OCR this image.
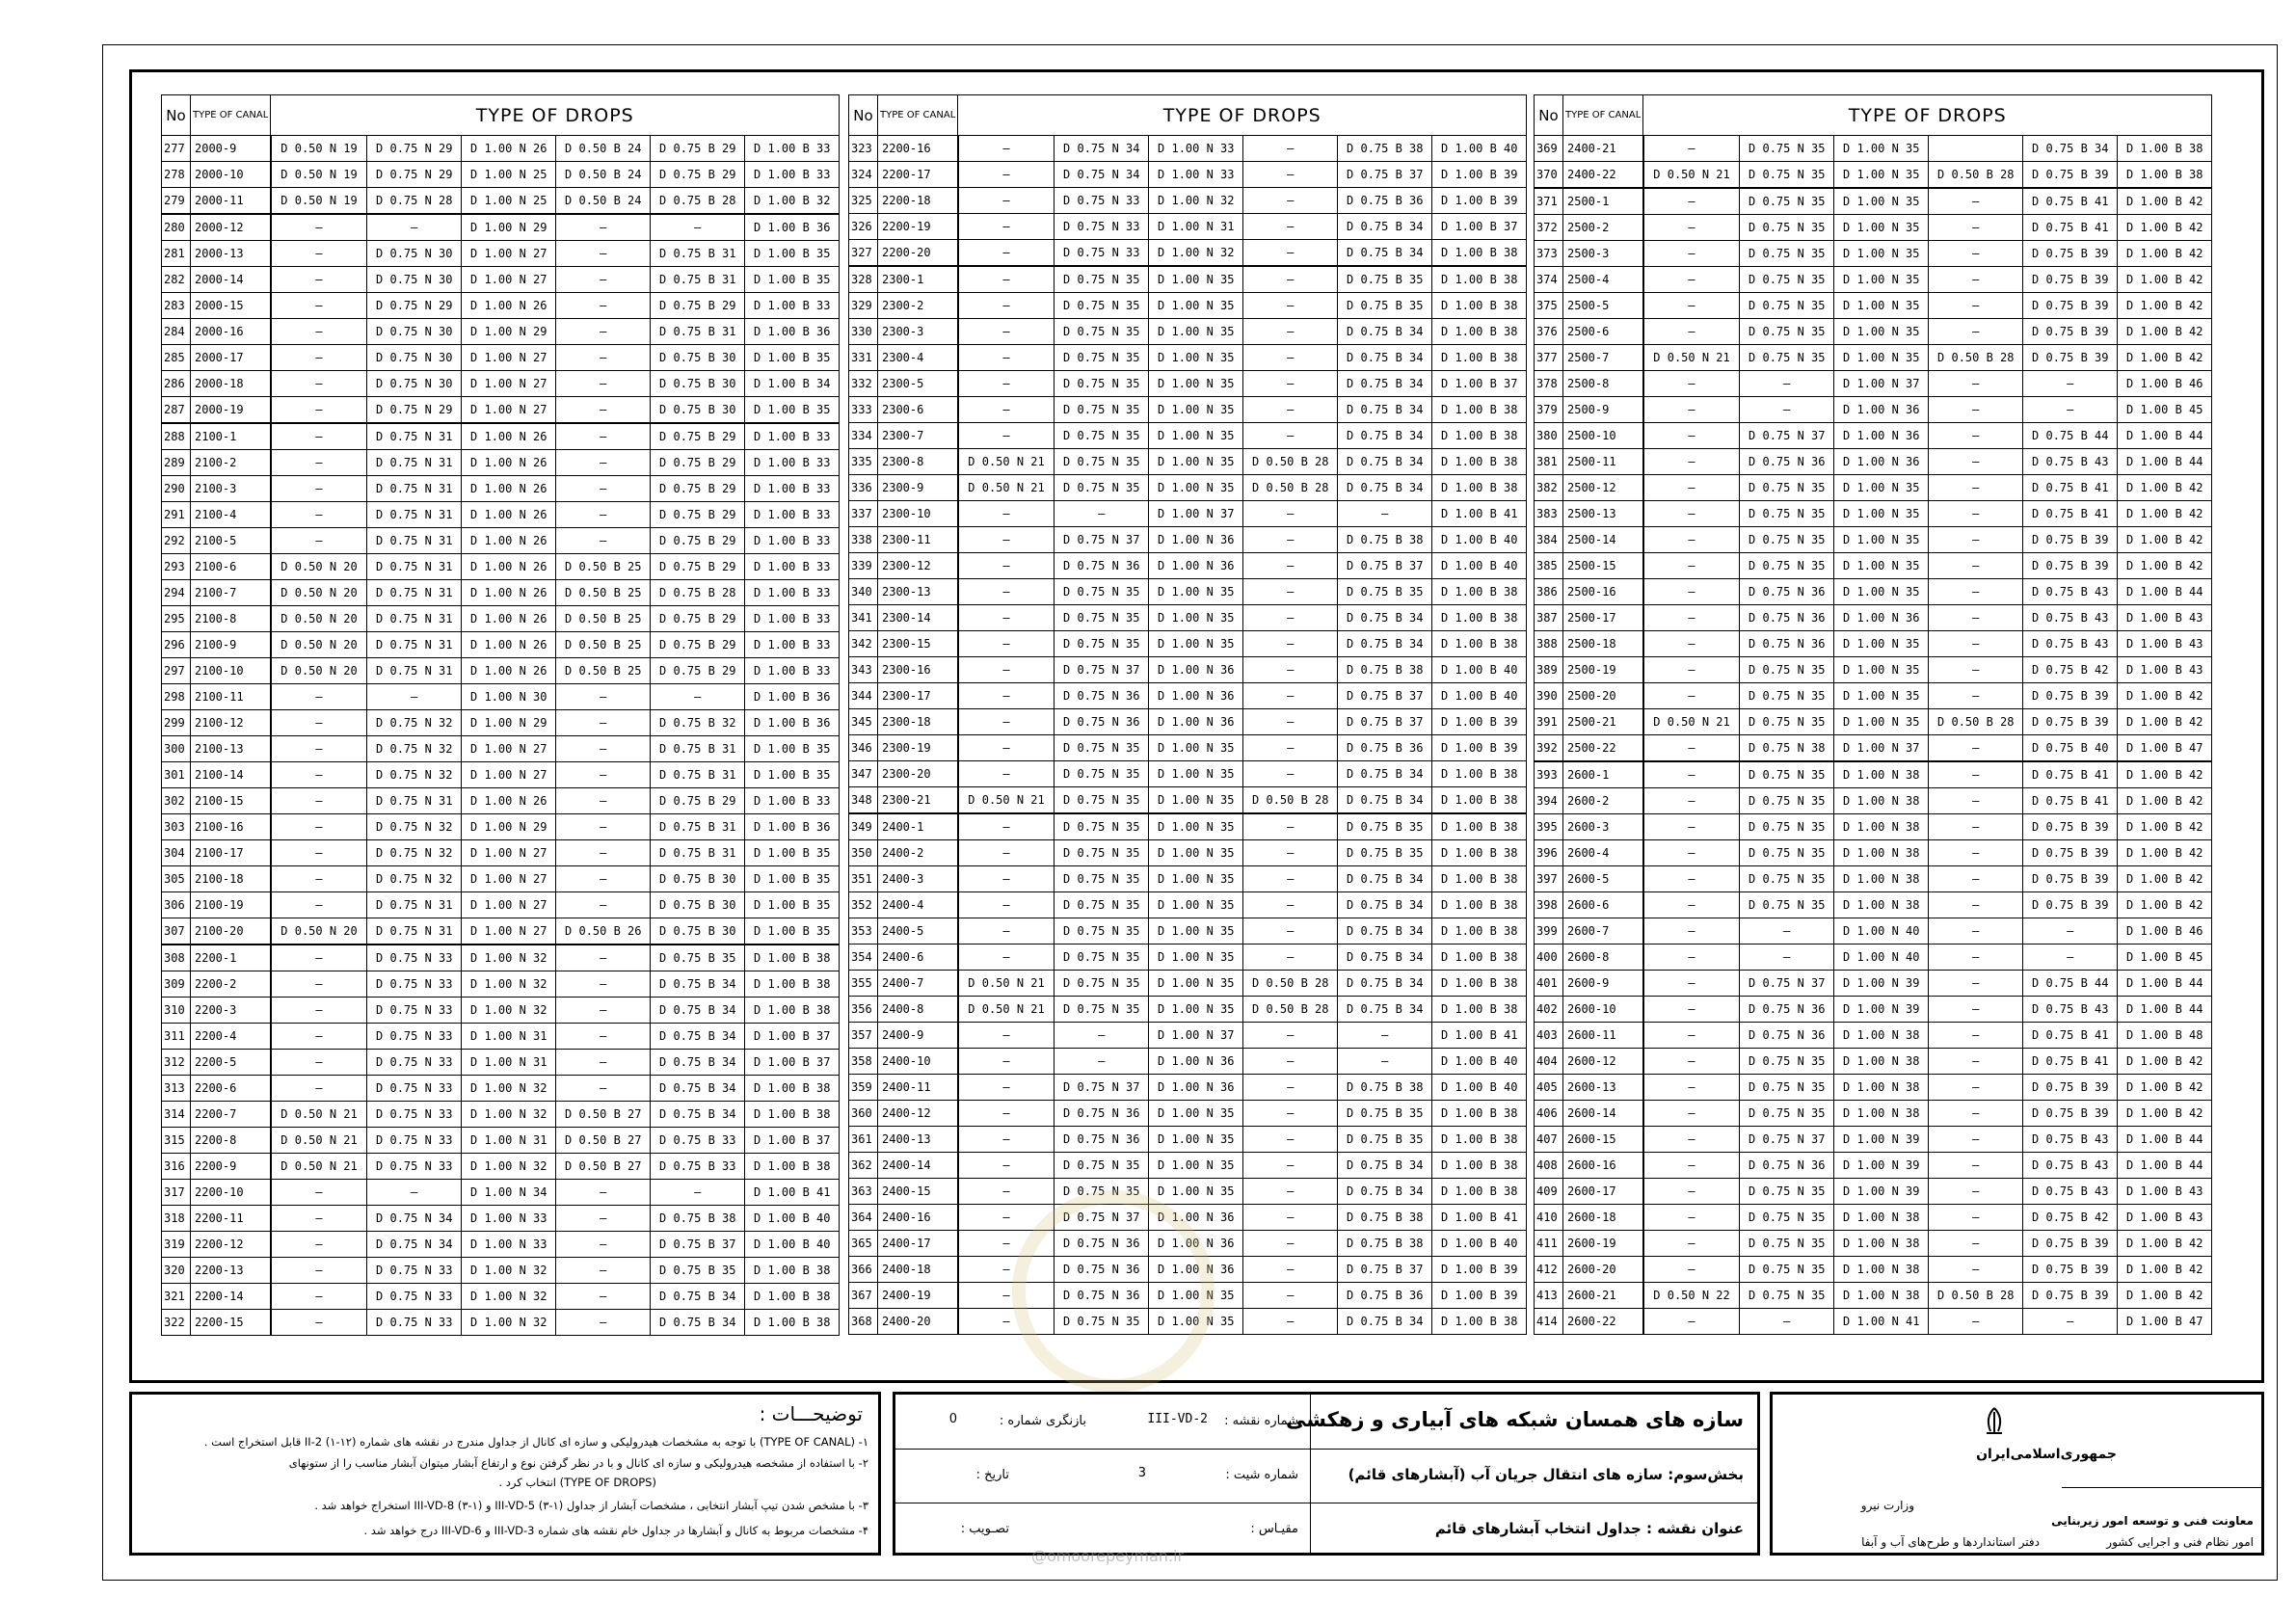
No	TYPE OF CANAL	TYPE OF DROPS					
277	2000-9	D 0.50 N 19	D 0.75 N 29	D 1.00 N 26	D 0.50 B 24	D 0.75 B 29	D 1.00 B 33
278	2000-10	D 0.50 N 19	D 0.75 N 29	D 1.00 N 25	D 0.50 B 24	D 0.75 B 29	D 1.00 B 33
279	2000-11	D 0.50 N 19	D 0.75 N 28	D 1.00 N 25	D 0.50 B 24	D 0.75 B 28	D 1.00 B 32
280	2000-12	–	–	D 1.00 N 29	–	–	D 1.00 B 36
281	2000-13	–	D 0.75 N 30	D 1.00 N 27	–	D 0.75 B 31	D 1.00 B 35
282	2000-14	–	D 0.75 N 30	D 1.00 N 27	–	D 0.75 B 31	D 1.00 B 35
283	2000-15	–	D 0.75 N 29	D 1.00 N 26	–	D 0.75 B 29	D 1.00 B 33
284	2000-16	–	D 0.75 N 30	D 1.00 N 29	–	D 0.75 B 31	D 1.00 B 36
285	2000-17	–	D 0.75 N 30	D 1.00 N 27	–	D 0.75 B 30	D 1.00 B 35
286	2000-18	–	D 0.75 N 30	D 1.00 N 27	–	D 0.75 B 30	D 1.00 B 34
287	2000-19	–	D 0.75 N 29	D 1.00 N 27	–	D 0.75 B 30	D 1.00 B 35
288	2100-1	–	D 0.75 N 31	D 1.00 N 26	–	D 0.75 B 29	D 1.00 B 33
289	2100-2	–	D 0.75 N 31	D 1.00 N 26	–	D 0.75 B 29	D 1.00 B 33
290	2100-3	–	D 0.75 N 31	D 1.00 N 26	–	D 0.75 B 29	D 1.00 B 33
291	2100-4	–	D 0.75 N 31	D 1.00 N 26	–	D 0.75 B 29	D 1.00 B 33
292	2100-5	–	D 0.75 N 31	D 1.00 N 26	–	D 0.75 B 29	D 1.00 B 33
293	2100-6	D 0.50 N 20	D 0.75 N 31	D 1.00 N 26	D 0.50 B 25	D 0.75 B 29	D 1.00 B 33
294	2100-7	D 0.50 N 20	D 0.75 N 31	D 1.00 N 26	D 0.50 B 25	D 0.75 B 28	D 1.00 B 33
295	2100-8	D 0.50 N 20	D 0.75 N 31	D 1.00 N 26	D 0.50 B 25	D 0.75 B 29	D 1.00 B 33
296	2100-9	D 0.50 N 20	D 0.75 N 31	D 1.00 N 26	D 0.50 B 25	D 0.75 B 29	D 1.00 B 33
297	2100-10	D 0.50 N 20	D 0.75 N 31	D 1.00 N 26	D 0.50 B 25	D 0.75 B 29	D 1.00 B 33
298	2100-11	–	–	D 1.00 N 30	–	–	D 1.00 B 36
299	2100-12	–	D 0.75 N 32	D 1.00 N 29	–	D 0.75 B 32	D 1.00 B 36
300	2100-13	–	D 0.75 N 32	D 1.00 N 27	–	D 0.75 B 31	D 1.00 B 35
301	2100-14	–	D 0.75 N 32	D 1.00 N 27	–	D 0.75 B 31	D 1.00 B 35
302	2100-15	–	D 0.75 N 31	D 1.00 N 26	–	D 0.75 B 29	D 1.00 B 33
303	2100-16	–	D 0.75 N 32	D 1.00 N 29	–	D 0.75 B 31	D 1.00 B 36
304	2100-17	–	D 0.75 N 32	D 1.00 N 27	–	D 0.75 B 31	D 1.00 B 35
305	2100-18	–	D 0.75 N 32	D 1.00 N 27	–	D 0.75 B 30	D 1.00 B 35
306	2100-19	–	D 0.75 N 31	D 1.00 N 27	–	D 0.75 B 30	D 1.00 B 35
307	2100-20	D 0.50 N 20	D 0.75 N 31	D 1.00 N 27	D 0.50 B 26	D 0.75 B 30	D 1.00 B 35
308	2200-1	–	D 0.75 N 33	D 1.00 N 32	–	D 0.75 B 35	D 1.00 B 38
309	2200-2	–	D 0.75 N 33	D 1.00 N 32	–	D 0.75 B 34	D 1.00 B 38
310	2200-3	–	D 0.75 N 33	D 1.00 N 32	–	D 0.75 B 34	D 1.00 B 38
311	2200-4	–	D 0.75 N 33	D 1.00 N 31	–	D 0.75 B 34	D 1.00 B 37
312	2200-5	–	D 0.75 N 33	D 1.00 N 31	–	D 0.75 B 34	D 1.00 B 37
313	2200-6	–	D 0.75 N 33	D 1.00 N 32	–	D 0.75 B 34	D 1.00 B 38
314	2200-7	D 0.50 N 21	D 0.75 N 33	D 1.00 N 32	D 0.50 B 27	D 0.75 B 34	D 1.00 B 38
315	2200-8	D 0.50 N 21	D 0.75 N 33	D 1.00 N 31	D 0.50 B 27	D 0.75 B 33	D 1.00 B 37
316	2200-9	D 0.50 N 21	D 0.75 N 33	D 1.00 N 32	D 0.50 B 27	D 0.75 B 33	D 1.00 B 38
317	2200-10	–	–	D 1.00 N 34	–	–	D 1.00 B 41
318	2200-11	–	D 0.75 N 34	D 1.00 N 33	–	D 0.75 B 38	D 1.00 B 40
319	2200-12	–	D 0.75 N 34	D 1.00 N 33	–	D 0.75 B 37	D 1.00 B 40
320	2200-13	–	D 0.75 N 33	D 1.00 N 32	–	D 0.75 B 35	D 1.00 B 38
321	2200-14	–	D 0.75 N 33	D 1.00 N 32	–	D 0.75 B 34	D 1.00 B 38
322	2200-15	–	D 0.75 N 33	D 1.00 N 32	–	D 0.75 B 34	D 1.00 B 38
No	TYPE OF CANAL	TYPE OF DROPS					
323	2200-16	–	D 0.75 N 34	D 1.00 N 33	–	D 0.75 B 38	D 1.00 B 40
324	2200-17	–	D 0.75 N 34	D 1.00 N 33	–	D 0.75 B 37	D 1.00 B 39
325	2200-18	–	D 0.75 N 33	D 1.00 N 32	–	D 0.75 B 36	D 1.00 B 39
326	2200-19	–	D 0.75 N 33	D 1.00 N 31	–	D 0.75 B 34	D 1.00 B 37
327	2200-20	–	D 0.75 N 33	D 1.00 N 32	–	D 0.75 B 34	D 1.00 B 38
328	2300-1	–	D 0.75 N 35	D 1.00 N 35	–	D 0.75 B 35	D 1.00 B 38
329	2300-2	–	D 0.75 N 35	D 1.00 N 35	–	D 0.75 B 35	D 1.00 B 38
330	2300-3	–	D 0.75 N 35	D 1.00 N 35	–	D 0.75 B 34	D 1.00 B 38
331	2300-4	–	D 0.75 N 35	D 1.00 N 35	–	D 0.75 B 34	D 1.00 B 38
332	2300-5	–	D 0.75 N 35	D 1.00 N 35	–	D 0.75 B 34	D 1.00 B 37
333	2300-6	–	D 0.75 N 35	D 1.00 N 35	–	D 0.75 B 34	D 1.00 B 38
334	2300-7	–	D 0.75 N 35	D 1.00 N 35	–	D 0.75 B 34	D 1.00 B 38
335	2300-8	D 0.50 N 21	D 0.75 N 35	D 1.00 N 35	D 0.50 B 28	D 0.75 B 34	D 1.00 B 38
336	2300-9	D 0.50 N 21	D 0.75 N 35	D 1.00 N 35	D 0.50 B 28	D 0.75 B 34	D 1.00 B 38
337	2300-10	–	–	D 1.00 N 37	–	–	D 1.00 B 41
338	2300-11	–	D 0.75 N 37	D 1.00 N 36	–	D 0.75 B 38	D 1.00 B 40
339	2300-12	–	D 0.75 N 36	D 1.00 N 36	–	D 0.75 B 37	D 1.00 B 40
340	2300-13	–	D 0.75 N 35	D 1.00 N 35	–	D 0.75 B 35	D 1.00 B 38
341	2300-14	–	D 0.75 N 35	D 1.00 N 35	–	D 0.75 B 34	D 1.00 B 38
342	2300-15	–	D 0.75 N 35	D 1.00 N 35	–	D 0.75 B 34	D 1.00 B 38
343	2300-16	–	D 0.75 N 37	D 1.00 N 36	–	D 0.75 B 38	D 1.00 B 40
344	2300-17	–	D 0.75 N 36	D 1.00 N 36	–	D 0.75 B 37	D 1.00 B 40
345	2300-18	–	D 0.75 N 36	D 1.00 N 36	–	D 0.75 B 37	D 1.00 B 39
346	2300-19	–	D 0.75 N 35	D 1.00 N 35	–	D 0.75 B 36	D 1.00 B 39
347	2300-20	–	D 0.75 N 35	D 1.00 N 35	–	D 0.75 B 34	D 1.00 B 38
348	2300-21	D 0.50 N 21	D 0.75 N 35	D 1.00 N 35	D 0.50 B 28	D 0.75 B 34	D 1.00 B 38
349	2400-1	–	D 0.75 N 35	D 1.00 N 35	–	D 0.75 B 35	D 1.00 B 38
350	2400-2	–	D 0.75 N 35	D 1.00 N 35	–	D 0.75 B 35	D 1.00 B 38
351	2400-3	–	D 0.75 N 35	D 1.00 N 35	–	D 0.75 B 34	D 1.00 B 38
352	2400-4	–	D 0.75 N 35	D 1.00 N 35	–	D 0.75 B 34	D 1.00 B 38
353	2400-5	–	D 0.75 N 35	D 1.00 N 35	–	D 0.75 B 34	D 1.00 B 38
354	2400-6	–	D 0.75 N 35	D 1.00 N 35	–	D 0.75 B 34	D 1.00 B 38
355	2400-7	D 0.50 N 21	D 0.75 N 35	D 1.00 N 35	D 0.50 B 28	D 0.75 B 34	D 1.00 B 38
356	2400-8	D 0.50 N 21	D 0.75 N 35	D 1.00 N 35	D 0.50 B 28	D 0.75 B 34	D 1.00 B 38
357	2400-9	–	–	D 1.00 N 37	–	–	D 1.00 B 41
358	2400-10	–	–	D 1.00 N 36	–	–	D 1.00 B 40
359	2400-11	–	D 0.75 N 37	D 1.00 N 36	–	D 0.75 B 38	D 1.00 B 40
360	2400-12	–	D 0.75 N 36	D 1.00 N 35	–	D 0.75 B 35	D 1.00 B 38
361	2400-13	–	D 0.75 N 36	D 1.00 N 35	–	D 0.75 B 35	D 1.00 B 38
362	2400-14	–	D 0.75 N 35	D 1.00 N 35	–	D 0.75 B 34	D 1.00 B 38
363	2400-15	–	D 0.75 N 35	D 1.00 N 35	–	D 0.75 B 34	D 1.00 B 38
364	2400-16	–	D 0.75 N 37	D 1.00 N 36	–	D 0.75 B 38	D 1.00 B 41
365	2400-17	–	D 0.75 N 36	D 1.00 N 36	–	D 0.75 B 38	D 1.00 B 40
366	2400-18	–	D 0.75 N 36	D 1.00 N 36	–	D 0.75 B 37	D 1.00 B 39
367	2400-19	–	D 0.75 N 36	D 1.00 N 35	–	D 0.75 B 36	D 1.00 B 39
368	2400-20	–	D 0.75 N 35	D 1.00 N 35	–	D 0.75 B 34	D 1.00 B 38
No	TYPE OF CANAL	TYPE OF DROPS					
369	2400-21	–	D 0.75 N 35	D 1.00 N 35		D 0.75 B 34	D 1.00 B 38
370	2400-22	D 0.50 N 21	D 0.75 N 35	D 1.00 N 35	D 0.50 B 28	D 0.75 B 39	D 1.00 B 38
371	2500-1	–	D 0.75 N 35	D 1.00 N 35	–	D 0.75 B 41	D 1.00 B 42
372	2500-2	–	D 0.75 N 35	D 1.00 N 35	–	D 0.75 B 41	D 1.00 B 42
373	2500-3	–	D 0.75 N 35	D 1.00 N 35	–	D 0.75 B 39	D 1.00 B 42
374	2500-4	–	D 0.75 N 35	D 1.00 N 35	–	D 0.75 B 39	D 1.00 B 42
375	2500-5	–	D 0.75 N 35	D 1.00 N 35	–	D 0.75 B 39	D 1.00 B 42
376	2500-6	–	D 0.75 N 35	D 1.00 N 35	–	D 0.75 B 39	D 1.00 B 42
377	2500-7	D 0.50 N 21	D 0.75 N 35	D 1.00 N 35	D 0.50 B 28	D 0.75 B 39	D 1.00 B 42
378	2500-8	–	–	D 1.00 N 37	–	–	D 1.00 B 46
379	2500-9	–	–	D 1.00 N 36	–	–	D 1.00 B 45
380	2500-10	–	D 0.75 N 37	D 1.00 N 36	–	D 0.75 B 44	D 1.00 B 44
381	2500-11	–	D 0.75 N 36	D 1.00 N 36	–	D 0.75 B 43	D 1.00 B 44
382	2500-12	–	D 0.75 N 35	D 1.00 N 35	–	D 0.75 B 41	D 1.00 B 42
383	2500-13	–	D 0.75 N 35	D 1.00 N 35	–	D 0.75 B 41	D 1.00 B 42
384	2500-14	–	D 0.75 N 35	D 1.00 N 35	–	D 0.75 B 39	D 1.00 B 42
385	2500-15	–	D 0.75 N 35	D 1.00 N 35	–	D 0.75 B 39	D 1.00 B 42
386	2500-16	–	D 0.75 N 36	D 1.00 N 35	–	D 0.75 B 43	D 1.00 B 44
387	2500-17	–	D 0.75 N 36	D 1.00 N 36	–	D 0.75 B 43	D 1.00 B 43
388	2500-18	–	D 0.75 N 36	D 1.00 N 35	–	D 0.75 B 43	D 1.00 B 43
389	2500-19	–	D 0.75 N 35	D 1.00 N 35	–	D 0.75 B 42	D 1.00 B 43
390	2500-20	–	D 0.75 N 35	D 1.00 N 35	–	D 0.75 B 39	D 1.00 B 42
391	2500-21	D 0.50 N 21	D 0.75 N 35	D 1.00 N 35	D 0.50 B 28	D 0.75 B 39	D 1.00 B 42
392	2500-22	–	D 0.75 N 38	D 1.00 N 37	–	D 0.75 B 40	D 1.00 B 47
393	2600-1	–	D 0.75 N 35	D 1.00 N 38	–	D 0.75 B 41	D 1.00 B 42
394	2600-2	–	D 0.75 N 35	D 1.00 N 38	–	D 0.75 B 41	D 1.00 B 42
395	2600-3	–	D 0.75 N 35	D 1.00 N 38	–	D 0.75 B 39	D 1.00 B 42
396	2600-4	–	D 0.75 N 35	D 1.00 N 38	–	D 0.75 B 39	D 1.00 B 42
397	2600-5	–	D 0.75 N 35	D 1.00 N 38	–	D 0.75 B 39	D 1.00 B 42
398	2600-6	–	D 0.75 N 35	D 1.00 N 38	–	D 0.75 B 39	D 1.00 B 42
399	2600-7	–	–	D 1.00 N 40	–	–	D 1.00 B 46
400	2600-8	–	–	D 1.00 N 40	–	–	D 1.00 B 45
401	2600-9	–	D 0.75 N 37	D 1.00 N 39	–	D 0.75 B 44	D 1.00 B 44
402	2600-10	–	D 0.75 N 36	D 1.00 N 39	–	D 0.75 B 43	D 1.00 B 44
403	2600-11	–	D 0.75 N 36	D 1.00 N 38	–	D 0.75 B 41	D 1.00 B 48
404	2600-12	–	D 0.75 N 35	D 1.00 N 38	–	D 0.75 B 41	D 1.00 B 42
405	2600-13	–	D 0.75 N 35	D 1.00 N 38	–	D 0.75 B 39	D 1.00 B 42
406	2600-14	–	D 0.75 N 35	D 1.00 N 38	–	D 0.75 B 39	D 1.00 B 42
407	2600-15	–	D 0.75 N 37	D 1.00 N 39	–	D 0.75 B 43	D 1.00 B 44
408	2600-16	–	D 0.75 N 36	D 1.00 N 39	–	D 0.75 B 43	D 1.00 B 44
409	2600-17	–	D 0.75 N 35	D 1.00 N 39	–	D 0.75 B 43	D 1.00 B 43
410	2600-18	–	D 0.75 N 35	D 1.00 N 38	–	D 0.75 B 42	D 1.00 B 43
411	2600-19	–	D 0.75 N 35	D 1.00 N 38	–	D 0.75 B 39	D 1.00 B 42
412	2600-20	–	D 0.75 N 35	D 1.00 N 38	–	D 0.75 B 39	D 1.00 B 42
413	2600-21	D 0.50 N 22	D 0.75 N 35	D 1.00 N 38	D 0.50 B 28	D 0.75 B 39	D 1.00 B 42
414	2600-22	–	–	D 1.00 N 41	–	–	D 1.00 B 47
توضیحـــات :
۱- (TYPE OF CANAL) با توجه به مشخصات هیدرولیکی و سازه ای کانال از جداول مندرج در نقشه های شماره (۱۲-۱) II-2 قابل استخراج است .
۲- با استفاده از مشخصه هیدرولیکی و سازه ای کانال و با در نظر گرفتن نوع و ارتفاع آبشار میتوان آبشار مناسب را از ستونهای
(TYPE OF DROPS) انتخاب کرد .
۳- با مشخص شدن تیپ آبشار انتخابی ، مشخصات آبشار از جداول (۱-۳) III-VD-5 و (۱-۳) III-VD-8 استخراج خواهد شد .
۴- مشخصات مربوط به کانال و آبشارها در جداول خام نقشه های شماره III-VD-3 و III-VD-6 درج خواهد شد .
سازه های همسان شبکه های آبیاری و زهکشی
بخش‌سوم: سازه های انتقال جریان آب (آبشارهای قائم)
عنوان نقشه : جداول انتخاب آبشارهای قائم
شماره نقشه :
III-VD-2
بازنگری شماره :
0
شماره شیت :
3
تاریخ :
مقیـاس :
تصـویب :
جمهوری‌اسلامی‌ایران
وزارت نیرو
معاونت فنی و توسعه امور زیربنایی
امور نظام فنی و اجرایی کشور
دفتر استانداردها و طرح‌های آب و آبفا
@omoorepeyman.ir
